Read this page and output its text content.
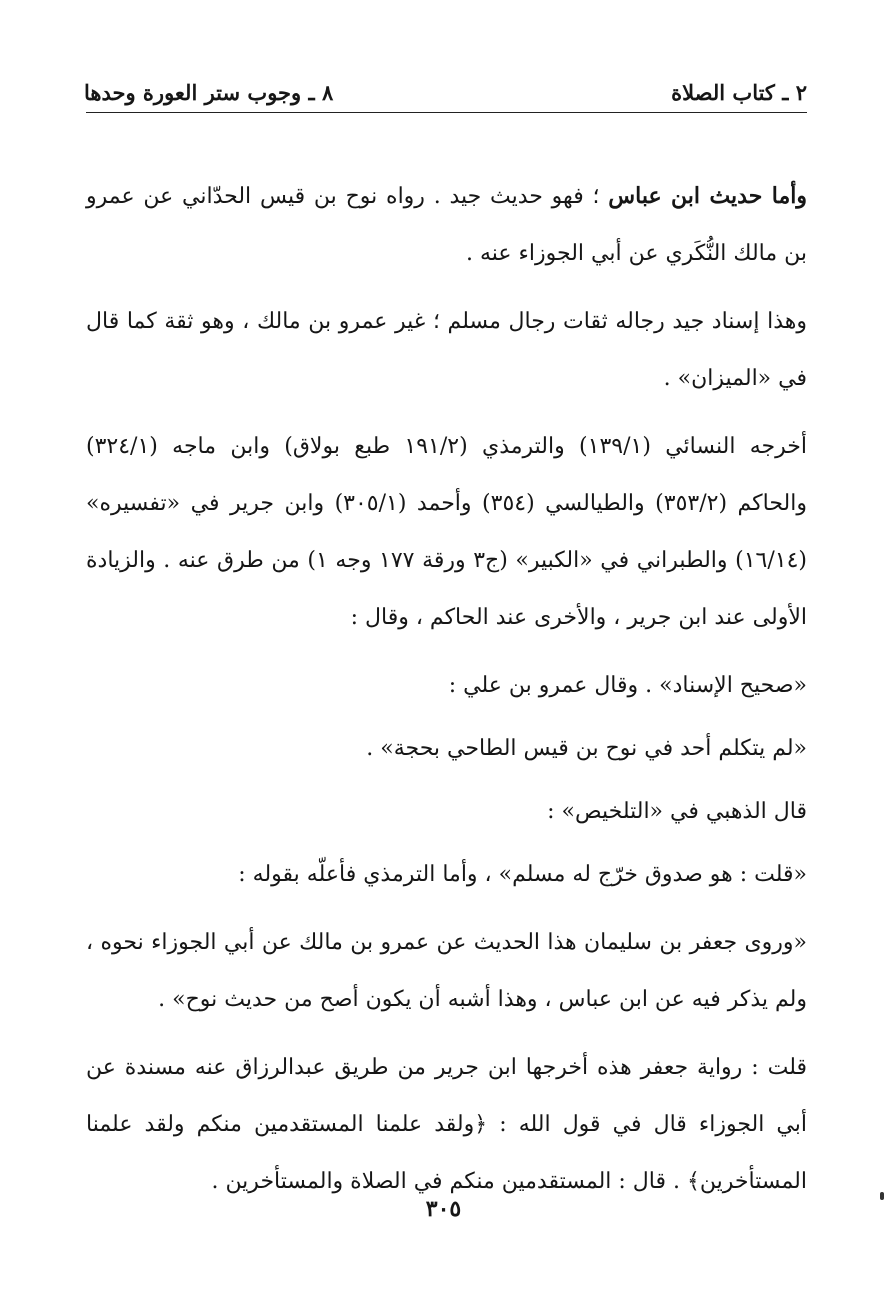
٢ ـ كتاب الصلاة
٨ ـ وجوب ستر العورة وحدها

وأما حديث ابن عباس ؛ فهو حديث جيد . رواه نوح بن قيس الحدّاني عن عمرو بن مالك النُّكَري عن أبي الجوزاء عنه .

وهذا إسناد جيد رجاله ثقات رجال مسلم ؛ غير عمرو بن مالك ، وهو ثقة كما قال في «الميزان» .

أخرجه النسائي (١٣٩/١) والترمذي (١٩١/٢ طبع بولاق) وابن ماجه (٣٢٤/١) والحاكم (٣٥٣/٢) والطيالسي (٣٥٤) وأحمد (٣٠٥/١) وابن جرير في «تفسيره» (١٦/١٤) والطبراني في «الكبير» (ج٣ ورقة ١٧٧ وجه ١) من طرق عنه . والزيادة الأولى عند ابن جرير ، والأخرى عند الحاكم ، وقال :

«صحيح الإسناد» . وقال عمرو بن علي :

«لم يتكلم أحد في نوح بن قيس الطاحي بحجة» .

قال الذهبي في «التلخيص» :

«قلت : هو صدوق خرّج له مسلم» ، وأما الترمذي فأعلّه بقوله :

«وروى جعفر بن سليمان هذا الحديث عن عمرو بن مالك عن أبي الجوزاء نحوه ، ولم يذكر فيه عن ابن عباس ، وهذا أشبه أن يكون أصح من حديث نوح» .

قلت : رواية جعفر هذه أخرجها ابن جرير من طريق عبدالرزاق عنه مسندة عن أبي الجوزاء قال في قول الله : ﴿ولقد علمنا المستقدمين منكم ولقد علمنا المستأخرين﴾ . قال : المستقدمين منكم في الصلاة والمستأخرين .

٣٠٥
